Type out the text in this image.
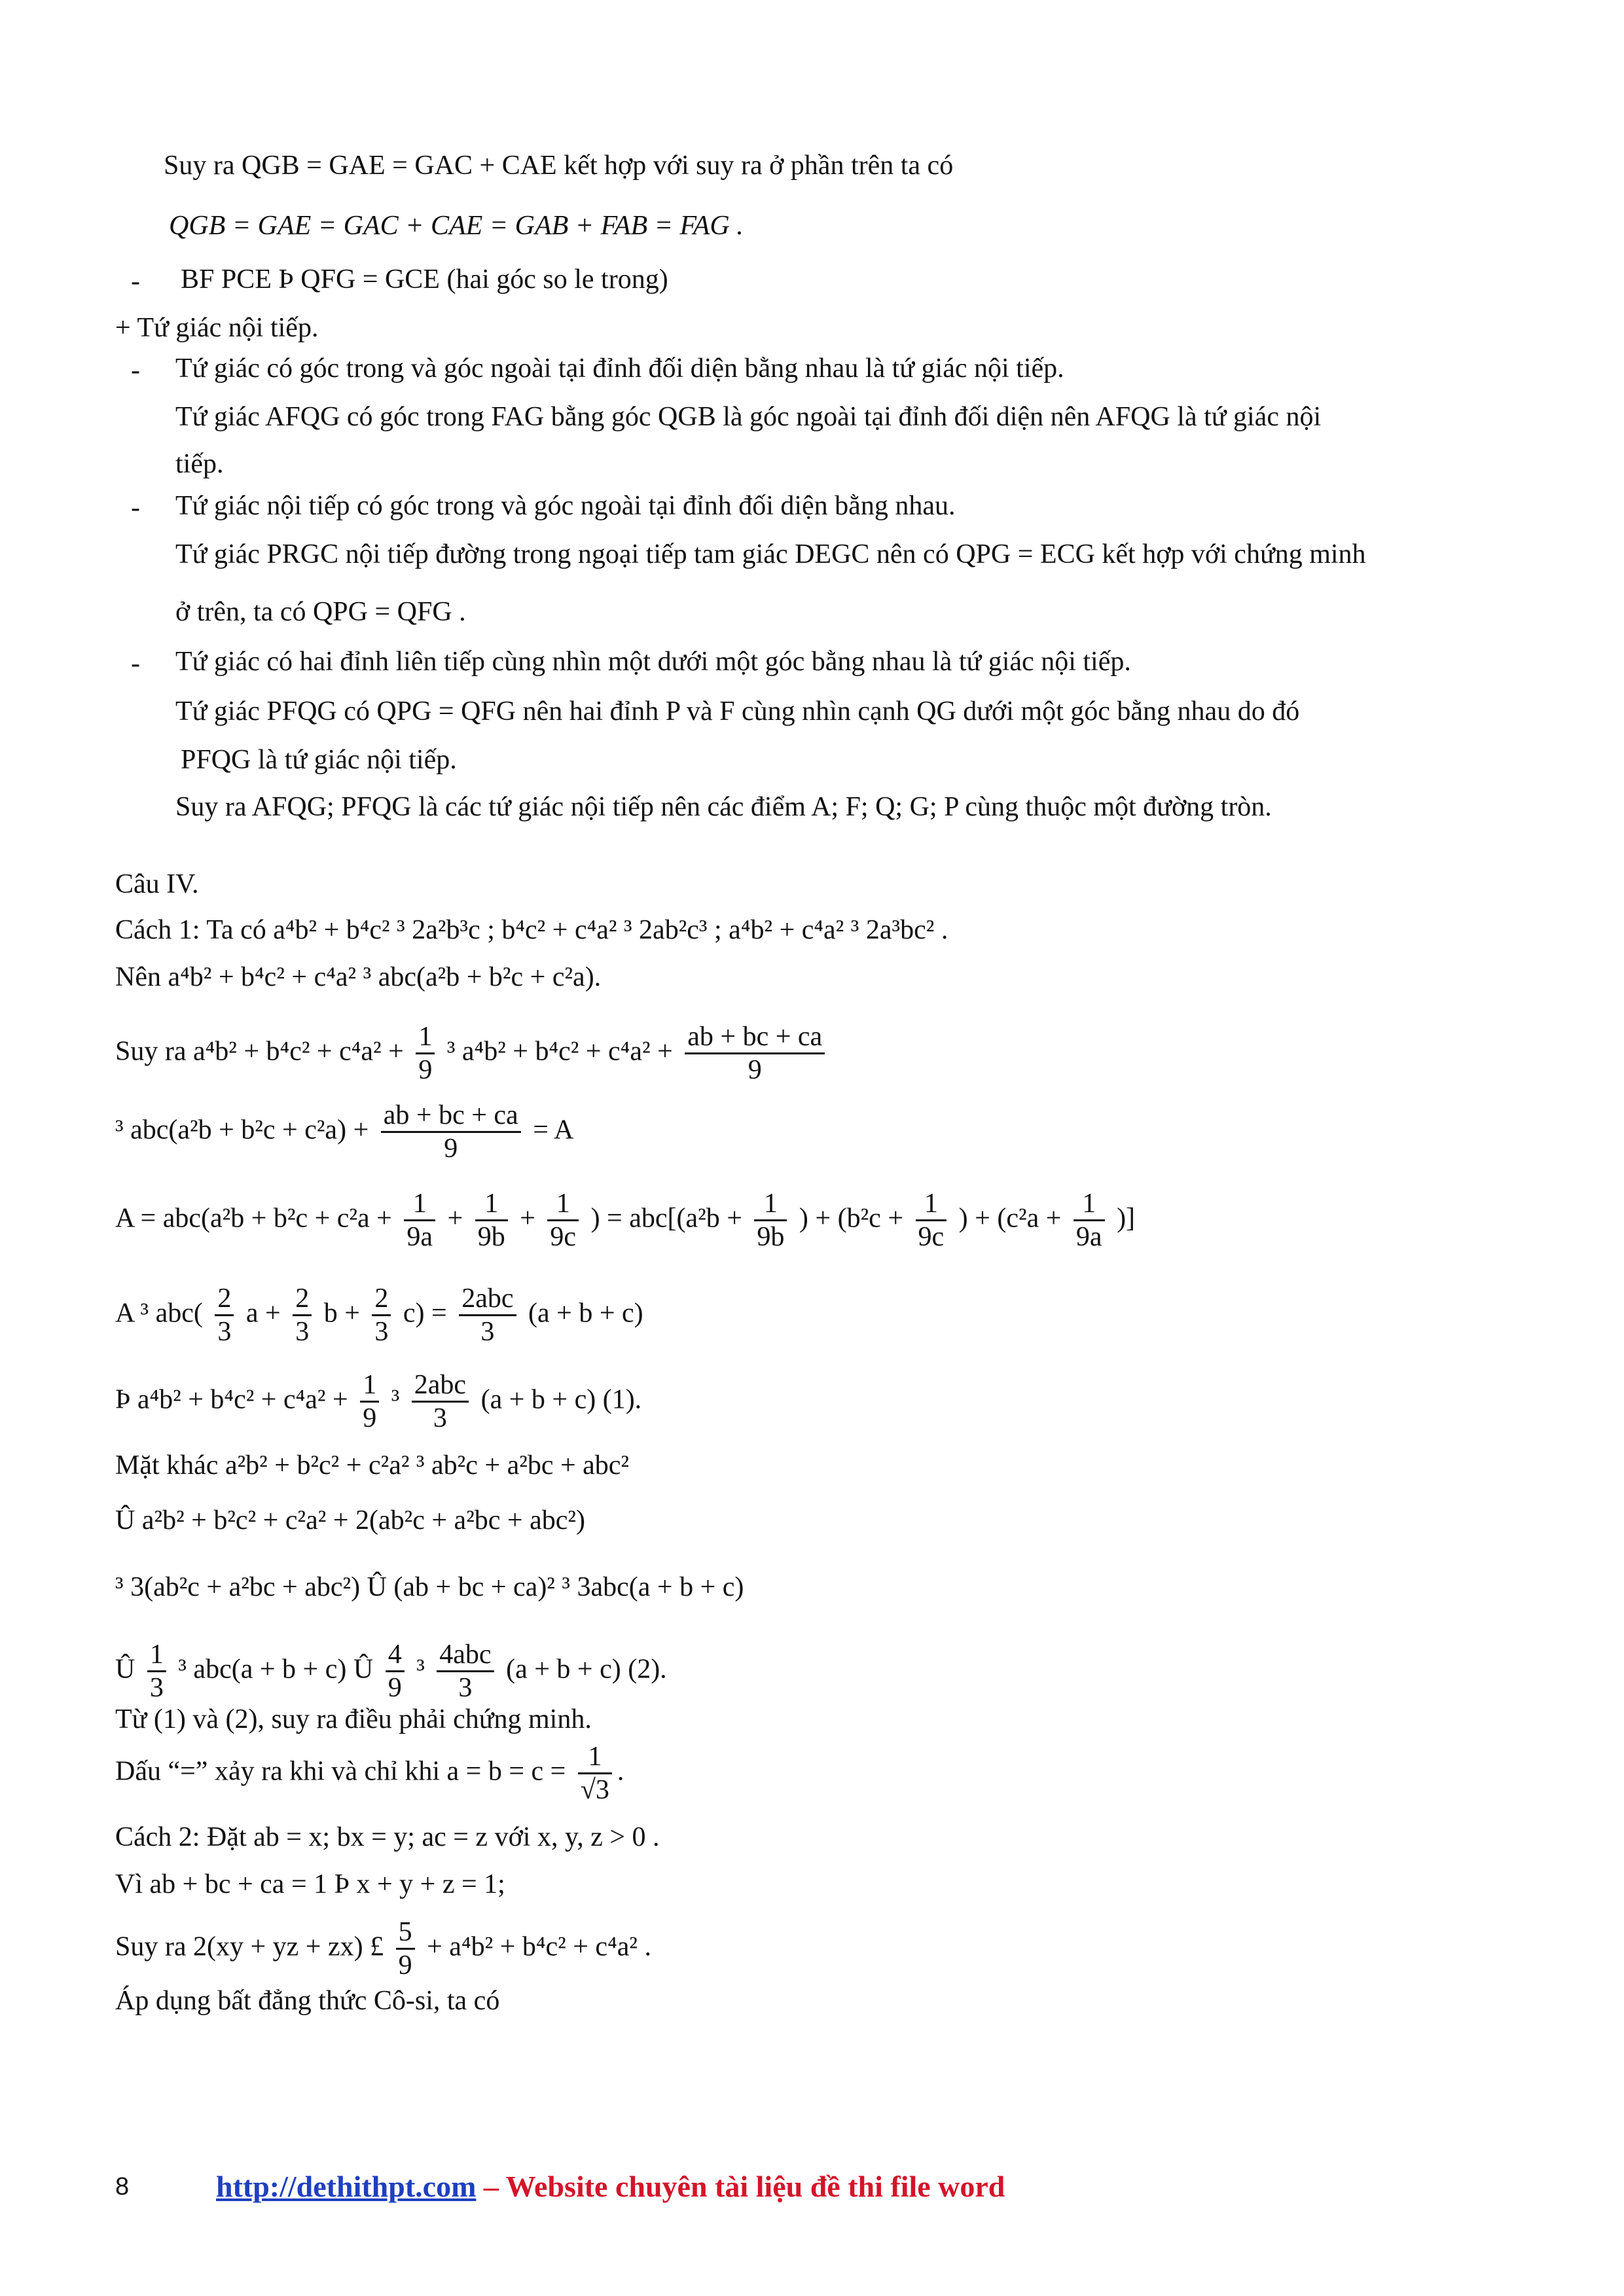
Suy ra QGB = GAE = GAC + CAE kết hợp với suy ra ở phần trên ta có
QGB = GAE = GAC + CAE = GAB + FAB = FAG .
- BF PCE Þ QFG = GCE (hai góc so le trong)
+ Tứ giác nội tiếp.
- Tứ giác có góc trong và góc ngoài tại đỉnh đối diện bằng nhau là tứ giác nội tiếp.
Tứ giác AFQG có góc trong FAG bằng góc QGB là góc ngoài tại đỉnh đối diện nên AFQG là tứ giác nội
tiếp.
- Tứ giác nội tiếp có góc trong và góc ngoài tại đỉnh đối diện bằng nhau.
Tứ giác PRGC nội tiếp đường trong ngoại tiếp tam giác DEGC nên có QPG = ECG kết hợp với chứng minh
ở trên, ta có QPG = QFG .
- Tứ giác có hai đỉnh liên tiếp cùng nhìn một dưới một góc bằng nhau là tứ giác nội tiếp.
Tứ giác PFQG có QPG = QFG nên hai đỉnh P và F cùng nhìn cạnh QG dưới một góc bằng nhau do đó
PFQG là tứ giác nội tiếp.
Suy ra AFQG; PFQG là các tứ giác nội tiếp nên các điểm A; F; Q; G; P cùng thuộc một đường tròn.
Câu IV.
Cách 1: Ta có a⁴b² + b⁴c² ³ 2a²b³c ; b⁴c² + c⁴a² ³ 2ab²c³ ; a⁴b² + c⁴a² ³ 2a³bc² .
Nên a⁴b² + b⁴c² + c⁴a² ³ abc(a²b + b²c + c²a).
Suy ra $a^4b^2 + b^4c^2 + c^4a^2 + \frac{1}{9} ^3$ $a^4b^2 + b^4c^2 + c^4a^2 + \frac{ab + bc + ca}{9}$
³ $abc(a^2b + b^2c + c^2a) + \frac{ab + bc + ca}{9} = A$
$A = abc(a^2b + b^2c + c^2a + \frac{1}{9a} + \frac{1}{9b} + \frac{1}{9c}$ ) = $abc[(a^2b + \frac{1}{9b}$ ) + ($b^2c + \frac{1}{9c}$ ) + ($c^2a + \frac{1}{9a}$ )]
A ³ $abc( \frac{2}{3}$ $a + \frac{2}{3}$ $b + \frac{2}{3} c) = \frac{\text{2abc}}{3} (a + b + c)$
Þ $a^4b^2 + b^4c^2 + c^4a^2 + \frac{1}{9} ^3 \frac{\text{2abc}}{3} (a + b + c)$ (1).
Mặt khác a²b² + b²c² + c²a² ³ ab²c + a²bc + abc²
Û a²b² + b²c² + c²a² + 2(ab²c + a²bc + abc²)
³ 3(ab²c + a²bc + abc²) Û (ab + bc + ca)² ³ 3abc(a + b + c)
Û $\frac{1}{3} ^3$ abc(a + b + c) Û $\frac{4}{9} ^3 \frac{\text{4abc}}{3} (a + b + c)$ (2).
Từ (1) và (2), suy ra điều phải chứng minh.
Dấu “=” xảy ra khi và chỉ khi $a = b = c = \frac{1}{√3}$ .
Cách 2: Đặt ab = x; bx = y; ac = z với x, y, z > 0 .
Vì ab + bc + ca = 1 Þ x + y + z = 1;
Suy ra 2(xy + yz + zx) £ $\frac{5}{9} + a^4b^2 + b^4c^2 + c^4a^2$ .
Áp dụng bất đẳng thức Cô-si, ta có
8	http://dethithpt.com – Website chuyên tài liệu đề thi file word
